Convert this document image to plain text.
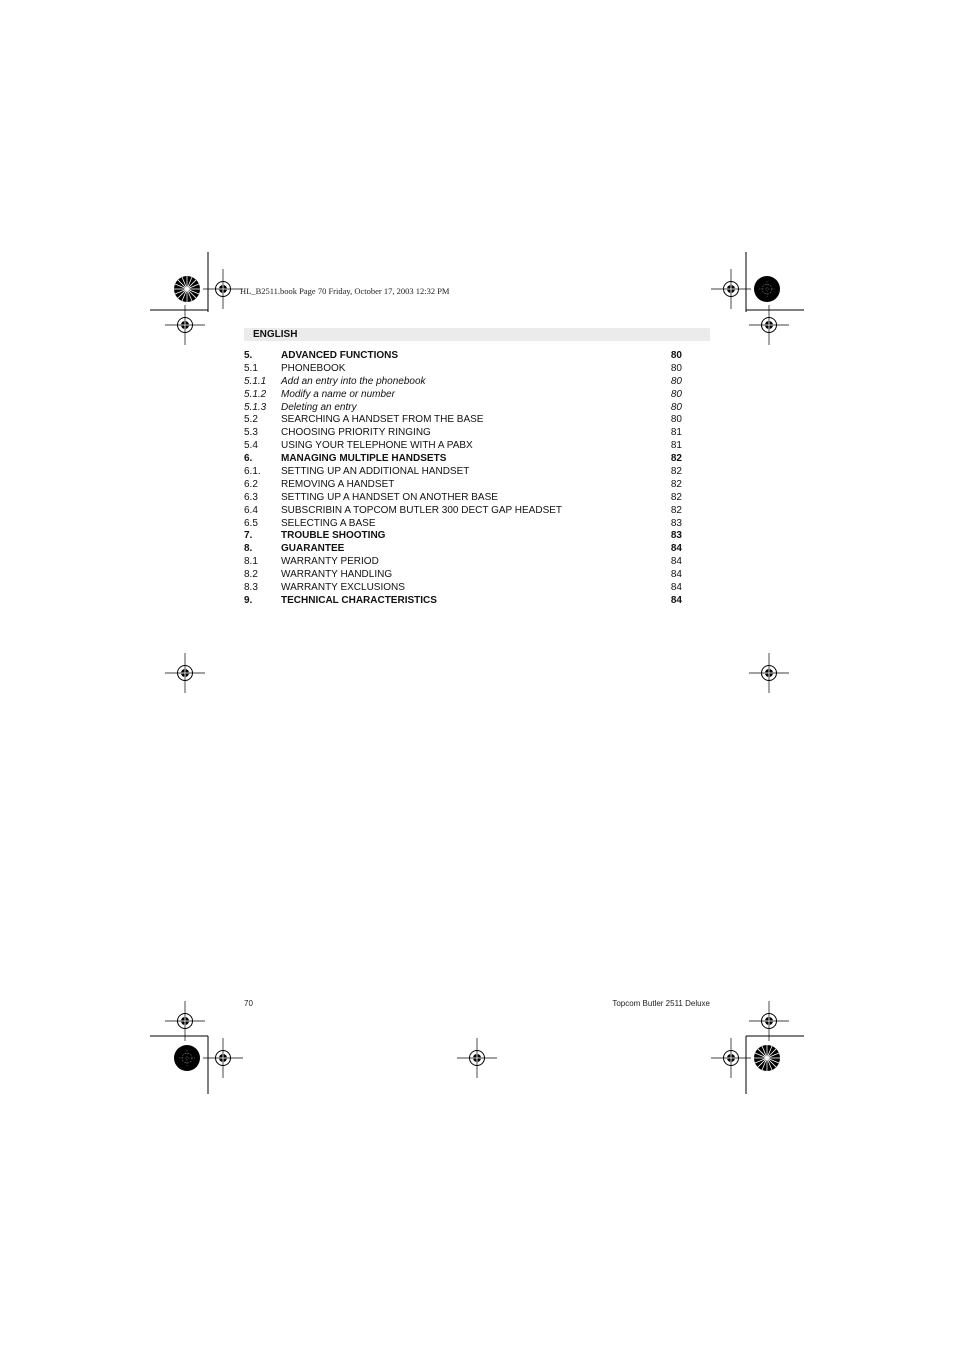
HL_B2511.book Page 70 Friday, October 17, 2003 12:32 PM
ENGLISH
5.	ADVANCED FUNCTIONS	80
5.1	PHONEBOOK	80
5.1.1	Add an entry into the phonebook	80
5.1.2	Modify a name or number	80
5.1.3	Deleting an entry	80
5.2	SEARCHING A HANDSET FROM THE BASE	80
5.3	CHOOSING PRIORITY RINGING	81
5.4	USING YOUR TELEPHONE WITH A PABX	81
6.	MANAGING MULTIPLE HANDSETS	82
6.1.	SETTING UP AN ADDITIONAL HANDSET	82
6.2	REMOVING A HANDSET	82
6.3	SETTING UP A HANDSET ON ANOTHER BASE	82
6.4	SUBSCRIBIN A TOPCOM BUTLER 300 DECT GAP HEADSET	82
6.5	SELECTING A BASE	83
7.	TROUBLE SHOOTING	83
8.	GUARANTEE	84
8.1	WARRANTY PERIOD	84
8.2	WARRANTY HANDLING	84
8.3	WARRANTY EXCLUSIONS	84
9.	TECHNICAL CHARACTERISTICS	84
70	Topcom Butler 2511 Deluxe
